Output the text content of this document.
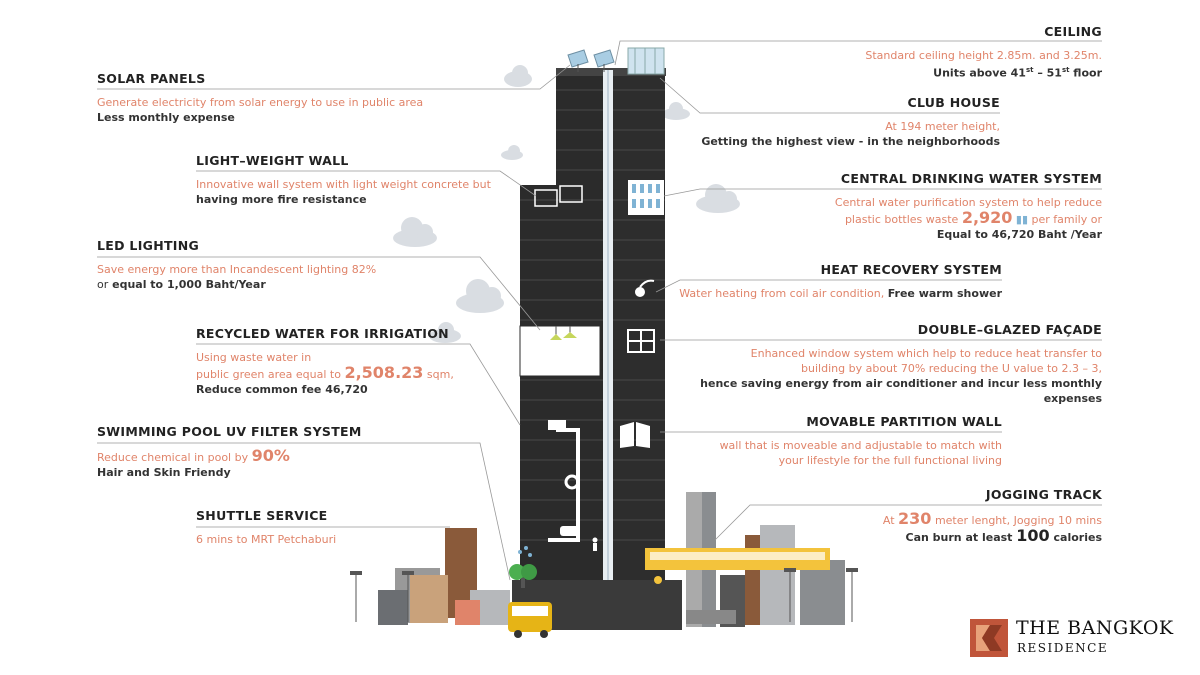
SOLAR PANELS
Generate electricity from solar energy to use in public area
Less monthly expense
LIGHT–WEIGHT WALL
Innovative wall system with light weight concrete but
having more fire resistance
LED LIGHTING
Save energy more than Incandescent lighting 82%
or equal to 1,000 Baht/Year
RECYCLED WATER FOR IRRIGATION
Using waste water in
public green area equal to 2,508.23 sqm,
Reduce common fee 46,720
SWIMMING POOL UV FILTER SYSTEM
Reduce chemical in pool by 90%
Hair and Skin Friendy
SHUTTLE SERVICE
6 mins to MRT Petchaburi
CEILING
Standard ceiling height 2.85m. and 3.25m.
Units above 41st – 51st floor
CLUB HOUSE
At 194 meter height,
Getting the highest view - in the neighborhoods
CENTRAL DRINKING WATER SYSTEM
Central water purification system to help reduce
plastic bottles waste 2,920 ▮▮ per family or
Equal to 46,720 Baht /Year
HEAT RECOVERY SYSTEM
Water heating from coil air condition, Free warm shower
DOUBLE–GLAZED FAÇADE
Enhanced window system which help to reduce heat transfer to
building by about 70% reducing the U value to 2.3 – 3,
hence saving energy from air conditioner and incur less monthly expenses
MOVABLE PARTITION WALL
wall that is moveable and adjustable to match with
your lifestyle for the full functional living
JOGGING TRACK
At 230 meter lenght, Jogging 10 mins
Can burn at least 100 calories
THE BANGKOK
RESIDENCE
